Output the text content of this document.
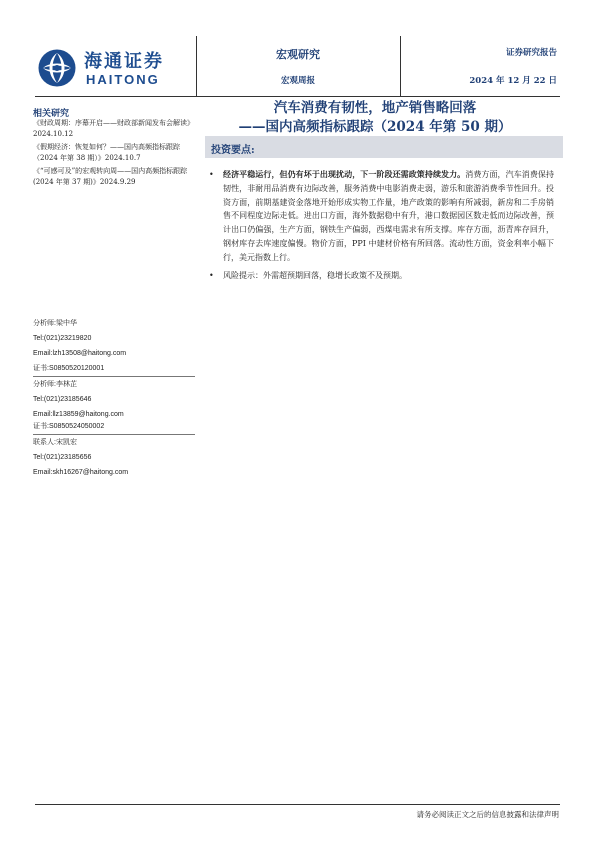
海通证券
HAITONG
宏观研究
宏观周报
证券研究报告
2024 年 12 月 22 日
相关研究
《财政周期：序幕开启——财政部新闻发布会解读》2024.10.12
《假期经济：恢复如何？——国内高频指标跟踪（2024 年第 38 期）》2024.10.7
《“可感可及”的宏观转向周——国内高频指标跟踪(2024 年第 37 期)》2024.9.29
分析师:梁中华
Tel:(021)23219820
Email:lzh13508@haitong.com
证书:S0850520120001
分析师:李林芷
Tel:(021)23185646
Email:llz13859@haitong.com
证书:S0850524050002
联系人:宋凯宏
Tel:(021)23185656
Email:skh16267@haitong.com
汽车消费有韧性，地产销售略回落
——国内高频指标跟踪（2024 年第 50 期）
投资要点:
• 经济平稳运行，但仍有坏于出现扰动，下一阶段还需政策持续发力。消费方面，汽车消费保持韧性，非耐用品消费有边际改善，服务消费中电影消费走弱，游乐和旅游消费季节性回升。投资方面，前期基建资金落地开始形成实物工作量，地产政策的影响有所减弱，新房和二手房销售不同程度边际走低。进出口方面，海外数据稳中有升，港口数据园区数走低而边际改善，预计出口仍偏强，生产方面，钢铁生产偏弱，西煤电需求有所支撑。库存方面，沥青库存回升，钢材库存去库速度偏慢。物价方面，PPI 中建材价格有所回落。流动性方面，资金利率小幅下行，美元指数上行。
• 风险提示：外需超预期回落，稳增长政策不及预期。
请务必阅读正文之后的信息披露和法律声明
